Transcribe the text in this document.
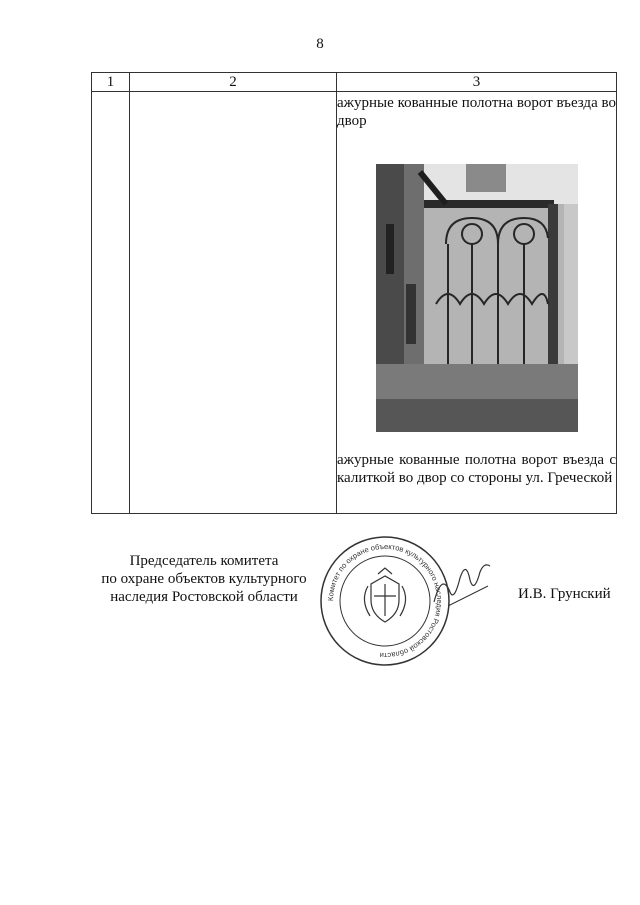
8
1	2	3

		ажурные кованные полотна ворот въезда во двор

ажурные кованные полотна ворот въезда с калиткой во двор со стороны ул. Греческой

Председатель комитета
по охране объектов культурного
наследия Ростовской области	Комитет по охране объектов культурного наследия Ростовской области
И.В. Грунский
